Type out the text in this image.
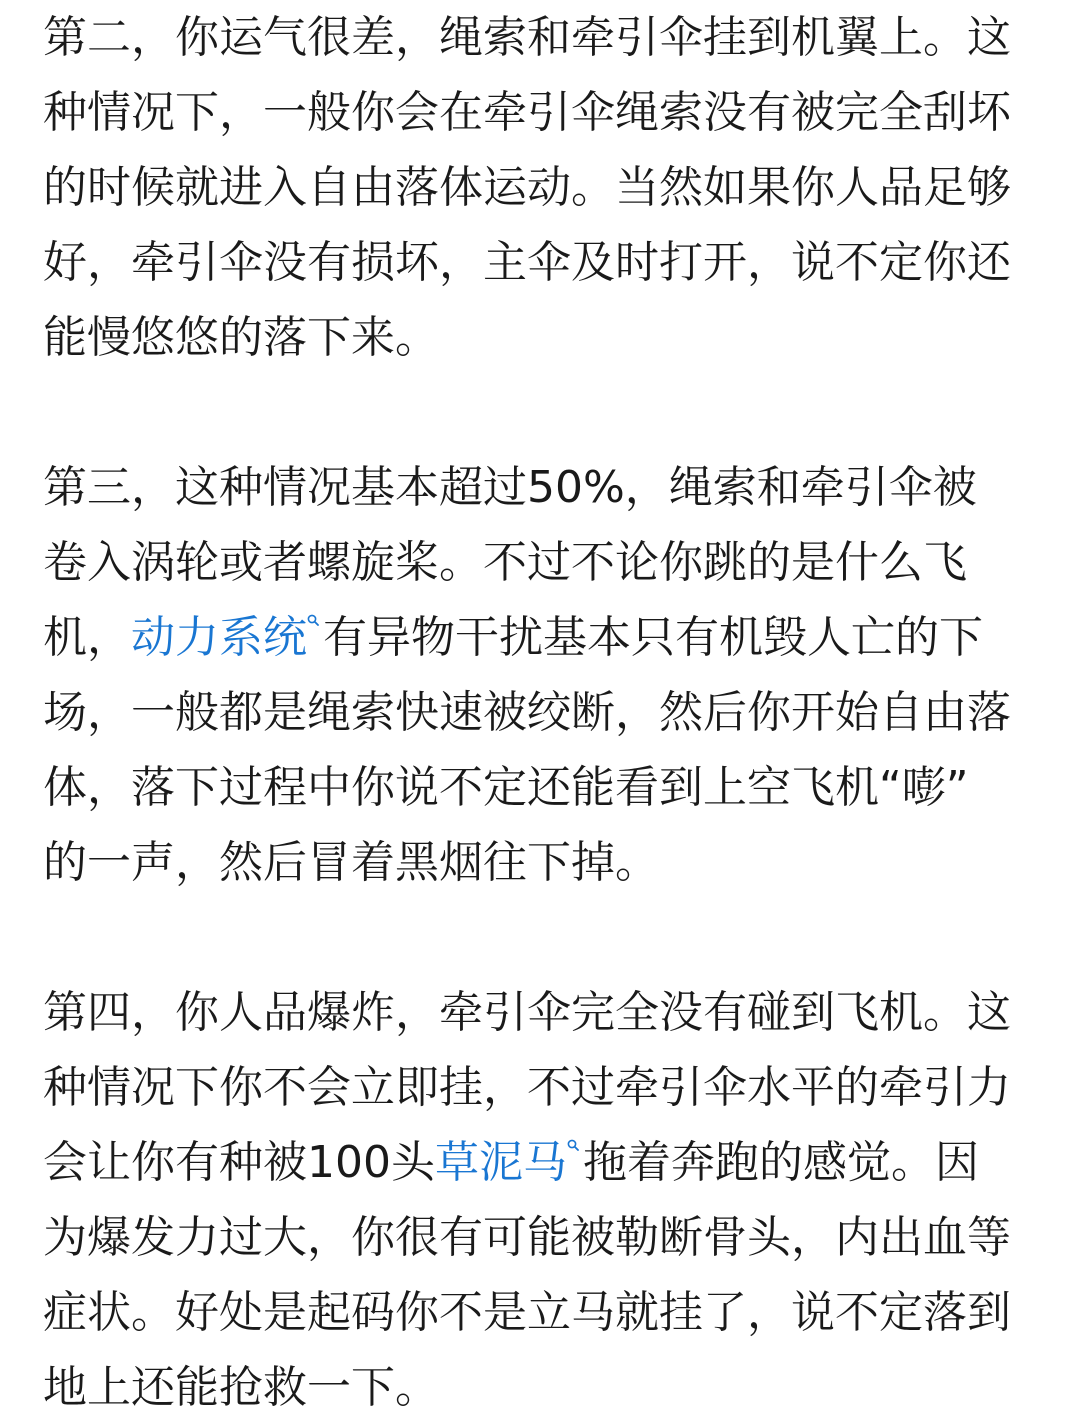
第二，你运气很差，绳索和牵引伞挂到机翼上。这
种情况下，一般你会在牵引伞绳索没有被完全刮坏
的时候就进入自由落体运动。当然如果你人品足够
好，牵引伞没有损坏，主伞及时打开，说不定你还
能慢悠悠的落下来。
第三，这种情况基本超过50%，绳索和牵引伞被
卷入涡轮或者螺旋桨。不过不论你跳的是什么飞
机，动力系统 有异物干扰基本只有机毁人亡的下
场，一般都是绳索快速被绞断，然后你开始自由落
体，落下过程中你说不定还能看到上空飞机“嘭”
的一声，然后冒着黑烟往下掉。
第四，你人品爆炸，牵引伞完全没有碰到飞机。这
种情况下你不会立即挂，不过牵引伞水平的牵引力
会让你有种被100头草泥马 拖着奔跑的感觉。因
为爆发力过大，你很有可能被勒断骨头，内出血等
症状。好处是起码你不是立马就挂了，说不定落到
地上还能抢救一下。
